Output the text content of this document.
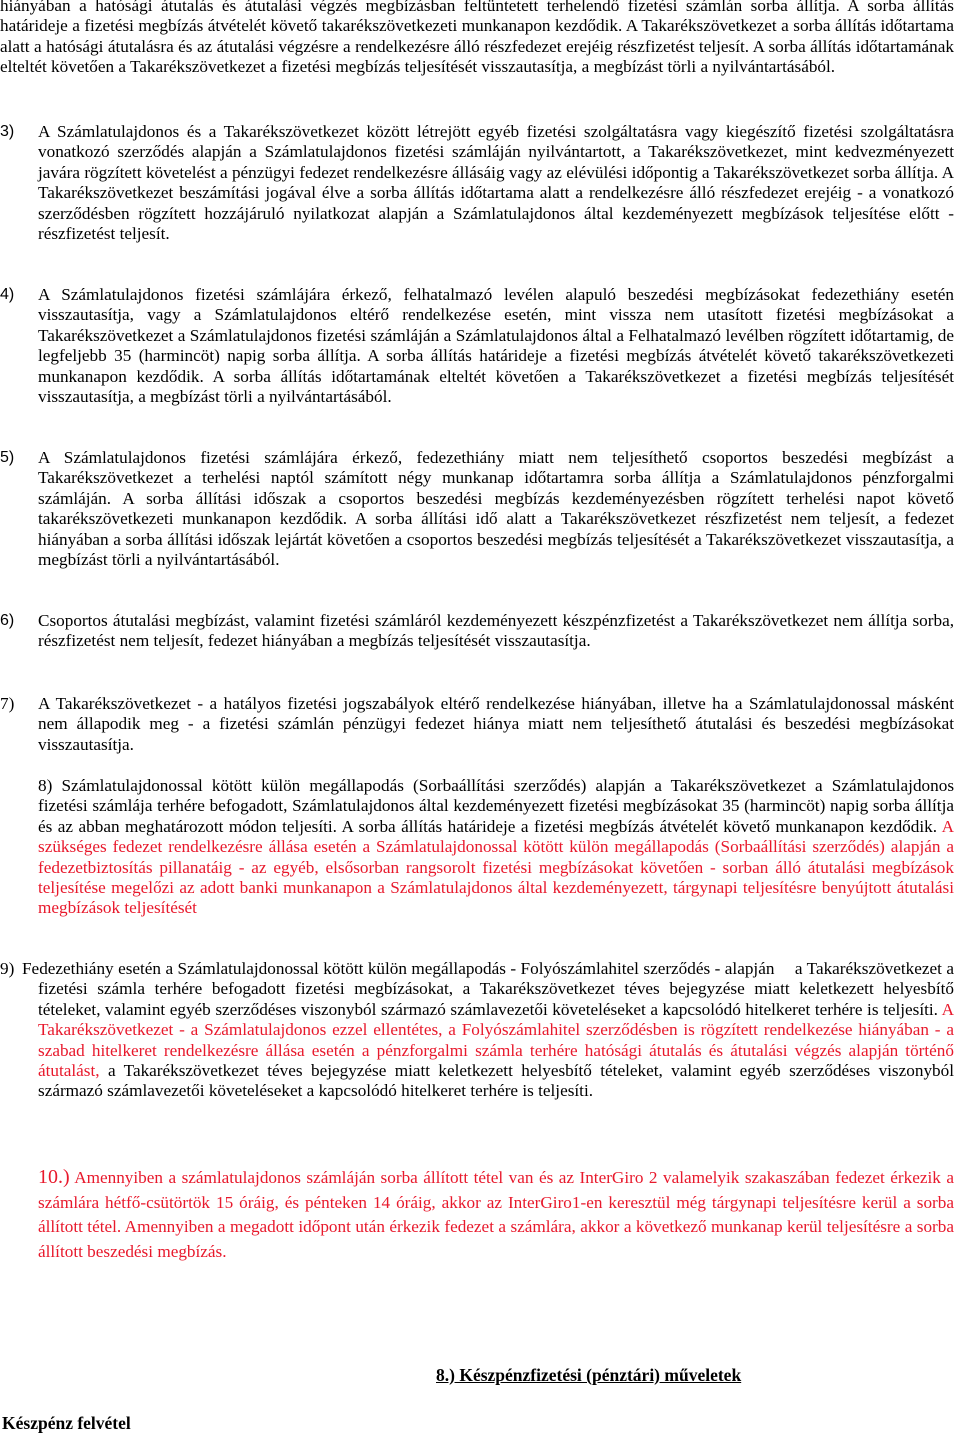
hiányában a hatósági átutalás és átutalási végzés megbízásban feltüntetett terhelendő fizetési számlán sorba állítja. A sorba állítás határideje a fizetési megbízás átvételét követő takarékszövetkezeti munkanapon kezdődik. A Takarékszövetkezet a sorba állítás időtartama alatt a hatósági átutalásra és az átutalási végzésre a rendelkezésre álló részfedezet erejéig részfizetést teljesít. A sorba állítás időtartamának elteltét követően a Takarékszövetkezet a fizetési megbízás teljesítését visszautasítja, a megbízást törli a nyilvántartásából.

3) A Számlatulajdonos és a Takarékszövetkezet között létrejött egyéb fizetési szolgáltatásra vagy kiegészítő fizetési szolgáltatásra vonatkozó szerződés alapján a Számlatulajdonos fizetési számláján nyilvántartott, a Takarékszövetkezet, mint kedvezményezett javára rögzített követelést a pénzügyi fedezet rendelkezésre állásáig vagy az elévülési időpontig a Takarékszövetkezet sorba állítja. A Takarékszövetkezet beszámítási jogával élve a sorba állítás időtartama alatt a rendelkezésre álló részfedezet erejéig - a vonatkozó szerződésben rögzített hozzájáruló nyilatkozat alapján a Számlatulajdonos által kezdeményezett megbízások teljesítése előtt - részfizetést teljesít.

4) A Számlatulajdonos fizetési számlájára érkező, felhatalmazó levélen alapuló beszedési megbízásokat fedezethiány esetén visszautasítja, vagy a Számlatulajdonos eltérő rendelkezése esetén, mint vissza nem utasított fizetési megbízásokat a Takarékszövetkezet a Számlatulajdonos fizetési számláján a Számlatulajdonos által a Felhatalmazó levélben rögzített időtartamig, de legfeljebb 35 (harmincöt) napig sorba állítja. A sorba állítás határideje a fizetési megbízás átvételét követő takarékszövetkezeti munkanapon kezdődik. A sorba állítás időtartamának elteltét követően a Takarékszövetkezet a fizetési megbízás teljesítését visszautasítja, a megbízást törli a nyilvántartásából.

5) A Számlatulajdonos fizetési számlájára érkező, fedezethiány miatt nem teljesíthető csoportos beszedési megbízást a Takarékszövetkezet a terhelési naptól számított négy munkanap időtartamra sorba állítja a Számlatulajdonos pénzforgalmi számláján. A sorba állítási időszak a csoportos beszedési megbízás kezdeményezésben rögzített terhelési napot követő takarékszövetkezeti munkanapon kezdődik. A sorba állítási idő alatt a Takarékszövetkezet részfizetést nem teljesít, a fedezet hiányában a sorba állítási időszak lejártát követően a csoportos beszedési megbízás teljesítését a Takarékszövetkezet visszautasítja, a megbízást törli a nyilvántartásából.

6) Csoportos átutalási megbízást, valamint fizetési számláról kezdeményezett készpénzfizetést a Takarékszövetkezet nem állítja sorba, részfizetést nem teljesít, fedezet hiányában a megbízás teljesítését visszautasítja.

7) A Takarékszövetkezet - a hatályos fizetési jogszabályok eltérő rendelkezése hiányában, illetve ha a Számlatulajdonossal másként nem állapodik meg - a fizetési számlán pénzügyi fedezet hiánya miatt nem teljesíthető átutalási és beszedési megbízásokat visszautasítja.

8) Számlatulajdonossal kötött külön megállapodás (Sorbaállítási szerződés) alapján a Takarékszövetkezet a Számlatulajdonos fizetési számlája terhére befogadott, Számlatulajdonos által kezdeményezett fizetési megbízásokat 35 (harmincöt) napig sorba állítja és az abban meghatározott módon teljesíti. A sorba állítás határideje a fizetési megbízás átvételét követő munkanapon kezdődik. A szükséges fedezet rendelkezésre állása esetén a Számlatulajdonossal kötött külön megállapodás (Sorbaállítási szerződés) alapján a fedezetbiztosítás pillanatáig - az egyéb, elsősorban rangsorolt fizetési megbízásokat követően - sorban álló átutalási megbízások teljesítése megelőzi az adott banki munkanapon a Számlatulajdonos által kezdeményezett, tárgynapi teljesítésre benyújtott átutalási megbízások teljesítését

9) Fedezethiány esetén a Számlatulajdonossal kötött külön megállapodás - Folyószámlahitel szerződés - alapján a Takarékszövetkezet a fizetési számla terhére befogadott fizetési megbízásokat, a Takarékszövetkezet téves bejegyzése miatt keletkezett helyesbítő tételeket, valamint egyéb szerződéses viszonyból származó számlavezetői követeléseket a kapcsolódó hitelkeret terhére is teljesíti. A Takarékszövetkezet - a Számlatulajdonos ezzel ellentétes, a Folyószámlahitel szerződésben is rögzített rendelkezése hiányában - a szabad hitelkeret rendelkezésre állása esetén a pénzforgalmi számla terhére hatósági átutalás és átutalási végzés alapján történő átutalást, a Takarékszövetkezet téves bejegyzése miatt keletkezett helyesbítő tételeket, valamint egyéb szerződéses viszonyból származó számlavezetői követeléseket a kapcsolódó hitelkeret terhére is teljesíti.

10.) Amennyiben a számlatulajdonos számláján sorba állított tétel van és az InterGiro 2 valamelyik szakaszában fedezet érkezik a számlára hétfő-csütörtök 15 óráig, és pénteken 14 óráig, akkor az InterGiro1-en keresztül még tárgynapi teljesítésre kerül a sorba állított tétel. Amennyiben a megadott időpont után érkezik fedezet a számlára, akkor a következő munkanap kerül teljesítésre a sorba állított beszedési megbízás.

8.) Készpénzfizetési (pénztári) műveletek

Készpénz felvétel
